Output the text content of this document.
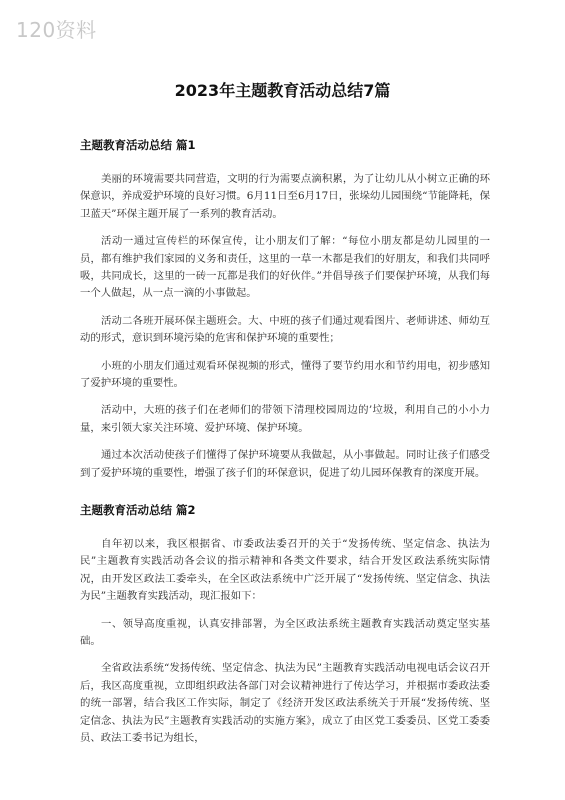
120资料
2023年主题教育活动总结7篇
主题教育活动总结 篇1

美丽的环境需要共同营造，文明的行为需要点滴积累，为了让幼儿从小树立正确的环保意识，养成爱护环境的良好习惯。6月11日至6月17日，张垛幼儿园围绕“节能降耗，保卫蓝天”环保主题开展了一系列的教育活动。

活动一通过宣传栏的环保宣传，让小朋友们了解：“每位小朋友都是幼儿园里的一员，都有维护我们家园的义务和责任，这里的一草一木都是我们的好朋友，和我们共同呼吸，共同成长，这里的一砖一瓦都是我们的好伙伴。”并倡导孩子们要保护环境，从我们每一个人做起，从一点一滴的小事做起。

活动二各班开展环保主题班会。大、中班的孩子们通过观看图片、老师讲述、师幼互动的形式，意识到环境污染的危害和保护环境的重要性；

小班的小朋友们通过观看环保视频的形式，懂得了要节约用水和节约用电，初步感知了爱护环境的重要性。

活动中，大班的孩子们在老师们的带领下清理校园周边的’垃圾，利用自己的小小力量，来引领大家关注环境、爱护环境、保护环境。

通过本次活动使孩子们懂得了保护环境要从我做起，从小事做起。同时让孩子们感受到了爱护环境的重要性，增强了孩子们的环保意识，促进了幼儿园环保教育的深度开展。

主题教育活动总结 篇2

自年初以来，我区根据省、市委政法委召开的关于“发扬传统、坚定信念、执法为民”主题教育实践活动各会议的指示精神和各类文件要求，结合开发区政法系统实际情况，由开发区政法工委牵头，在全区政法系统中广泛开展了“发扬传统、坚定信念、执法为民”主题教育实践活动，现汇报如下：

一、领导高度重视，认真安排部署，为全区政法系统主题教育实践活动奠定坚实基础。

全省政法系统“发扬传统、坚定信念、执法为民”主题教育实践活动电视电话会议召开后，我区高度重视，立即组织政法各部门对会议精神进行了传达学习，并根据市委政法委的统一部署，结合我区工作实际，制定了《经济开发区政法系统关于开展“发扬传统、坚定信念、执法为民”主题教育实践活动的实施方案》，成立了由区党工委委员、区党工委委员、政法工委书记为组长，
